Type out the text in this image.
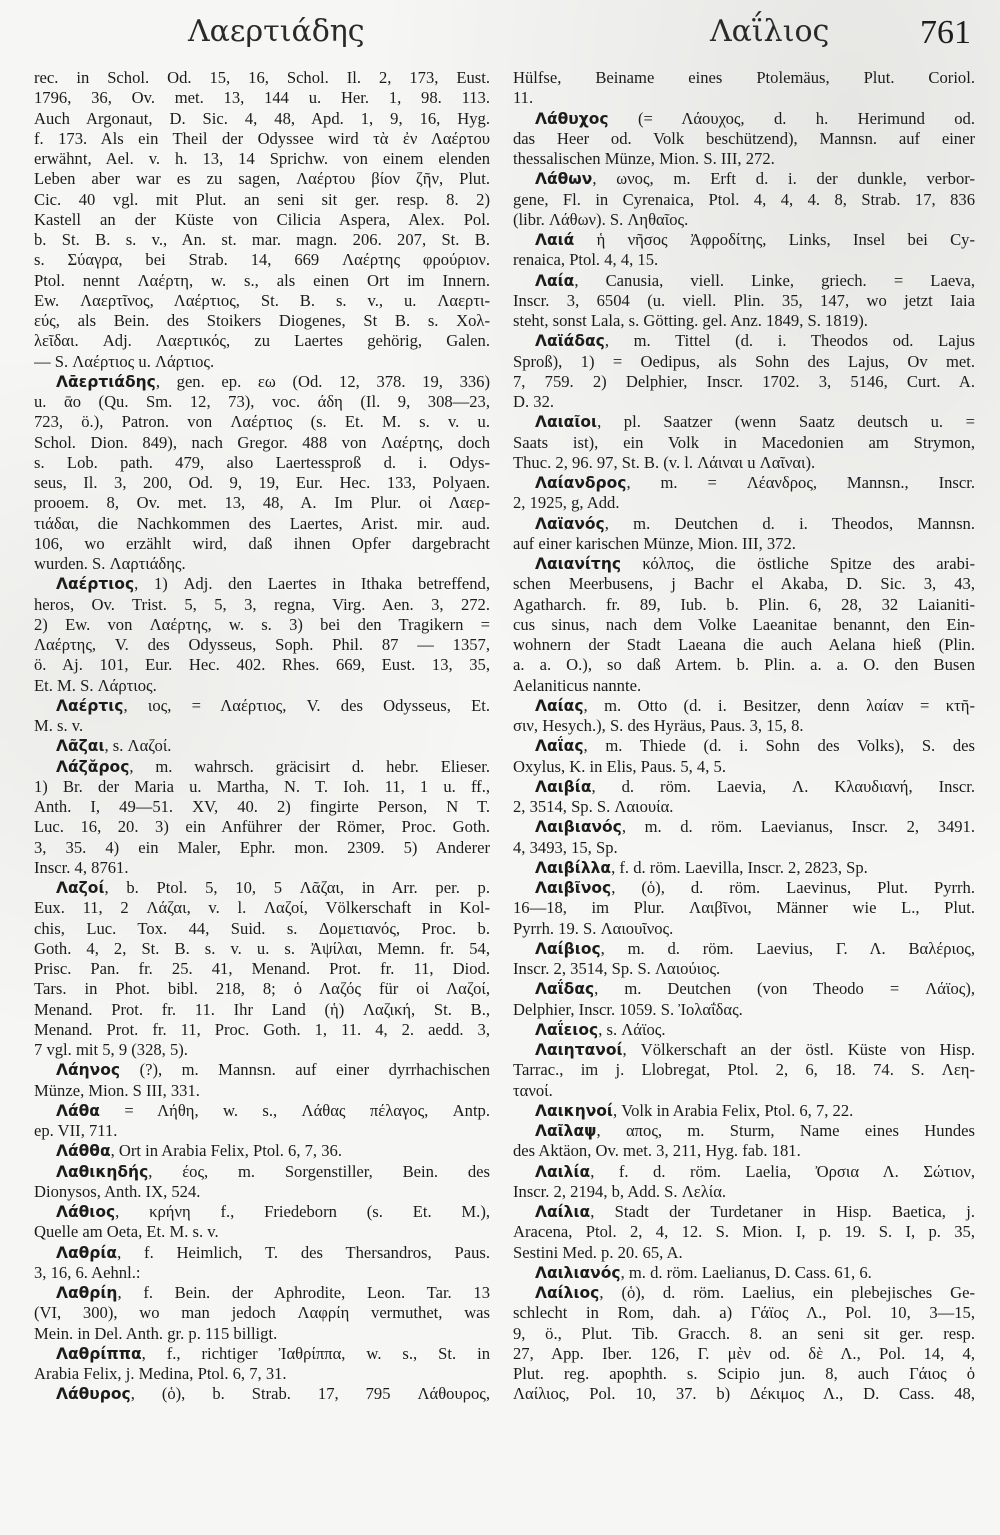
Λαερτιάδης	Λαΐλιος	761
rec. in Schol. Od. 15, 16, Schol. Il. 2, 173, Eust.
1796, 36, Ov. met. 13, 144 u. Her. 1, 98. 113.
Auch Argonaut, D. Sic. 4, 48, Apd. 1, 9, 16, Hyg.
f. 173. Als ein Theil der Odyssee wird τὰ ἐν Λαέρτου
erwähnt, Ael. v. h. 13, 14 Sprichw. von einem elenden
Leben aber war es zu sagen, Λαέρτου βίον ζῆν, Plut.
Cic. 40 vgl. mit Plut. an seni sit ger. resp. 8. 2)
Kastell an der Küste von Cilicia Aspera, Alex. Pol.
b. St. B. s. v., An. st. mar. magn. 206. 207, St. B.
s. Σύαγρα, bei Strab. 14, 669 Λαέρτης φρούριον.
Ptol. nennt Λαέρτη, w. s., als einen Ort im Innern.
Ew. Λαερτῖνος, Λαέρτιος, St. B. s. v., u. Λαερτι-
εύς, als Bein. des Stoikers Diogenes, St B. s. Χολ-
λεῖδαι. Adj. Λαερτικός, zu Laertes gehörig, Galen.
— S. Λαέρτιος u. Λάρτιος.
Λᾱερτιάδης, gen. ep. εω (Od. 12, 378. 19, 336)
u. ᾱο (Qu. Sm. 12, 73), voc. άδη (Il. 9, 308—23,
723, ö.), Patron. von Λαέρτιος (s. Et. M. s. v. u.
Schol. Dion. 849), nach Gregor. 488 von Λαέρτης, doch
s. Lob. path. 479, also Laertessproß d. i. Odys-
seus, Il. 3, 200, Od. 9, 19, Eur. Hec. 133, Polyaen.
prooem. 8, Ov. met. 13, 48, A. Im Plur. οἱ Λαερ-
τιάδαι, die Nachkommen des Laertes, Arist. mir. aud.
106, wo erzählt wird, daß ihnen Opfer dargebracht
wurden. S. Λαρτιάδης.
Λαέρτιος, 1) Adj. den Laertes in Ithaka betreffend,
heros, Ov. Trist. 5, 5, 3, regna, Virg. Aen. 3, 272.
2) Ew. von Λαέρτης, w. s. 3) bei den Tragikern =
Λαέρτης, V. des Odysseus, Soph. Phil. 87 — 1357,
ö. Aj. 101, Eur. Hec. 402. Rhes. 669, Eust. 13, 35,
Et. M. S. Λάρτιος.
Λαέρτις, ιος, = Λαέρτιος, V. des Odysseus, Et.
M. s. v.
Λᾶζαι, s. Λαζοί.
Λάζᾰρος, m. wahrsch. gräcisirt d. hebr. Elieser.
1) Br. der Maria u. Martha, N. T. Ioh. 11, 1 u. ff.,
Anth. I, 49—51. XV, 40. 2) fingirte Person, N T.
Luc. 16, 20. 3) ein Anführer der Römer, Proc. Goth.
3, 35. 4) ein Maler, Ephr. mon. 2309. 5) Anderer
Inscr. 4, 8761.
Λαζοί, b. Ptol. 5, 10, 5 Λᾶζαι, in Arr. per. p.
Eux. 11, 2 Λάζαι, v. l. Λαζοί, Völkerschaft in Kol-
chis, Luc. Tox. 44, Suid. s. Δομετιανός, Proc. b.
Goth. 4, 2, St. B. s. v. u. s. Ἀψίλαι, Memn. fr. 54,
Prisc. Pan. fr. 25. 41, Menand. Prot. fr. 11, Diod.
Tars. in Phot. bibl. 218, 8; ὁ Λαζός für οἱ Λαζοί,
Menand. Prot. fr. 11. Ihr Land (ἡ) Λαζική, St. B.,
Menand. Prot. fr. 11, Proc. Goth. 1, 11. 4, 2. aedd. 3,
7 vgl. mit 5, 9 (328, 5).
Λάηνος (?), m. Mannsn. auf einer dyrrhachischen
Münze, Mion. S III, 331.
Λάθα = Λήθη, w. s., Λάθας πέλαγος, Antp.
ep. VII, 711.
Λάθθα, Ort in Arabia Felix, Ptol. 6, 7, 36.
Λαθικηδής, έος, m. Sorgenstiller, Bein. des
Dionysos, Anth. IX, 524.
Λάθιος, κρήνη f., Friedeborn (s. Et. M.),
Quelle am Oeta, Et. M. s. v.
Λαθρία, f. Heimlich, T. des Thersandros, Paus.
3, 16, 6. Aehnl.:
Λαθρίη, f. Bein. der Aphrodite, Leon. Tar. 13
(VI, 300), wo man jedoch Λαφρίη vermuthet, was
Mein. in Del. Anth. gr. p. 115 billigt.
Λαθρίππα, f., richtiger Ἰαθρίππα, w. s., St. in
Arabia Felix, j. Medina, Ptol. 6, 7, 31.
Λάθυρος, (ὁ), b. Strab. 17, 795 Λάθουρος,
Hülfse, Beiname eines Ptolemäus, Plut. Coriol.
11.
Λάθυχος (= Λάουχος, d. h. Herimund od.
das Heer od. Volk beschützend), Mannsn. auf einer
thessalischen Münze, Mion. S. III, 272.
Λάθων, ωνος, m. Erft d. i. der dunkle, verbor-
gene, Fl. in Cyrenaica, Ptol. 4, 4, 4. 8, Strab. 17, 836
(libr. Λάθων). S. Ληθαῖος.
Λαιά ἡ νῆσος Ἀφροδίτης, Links, Insel bei Cy-
renaica, Ptol. 4, 4, 15.
Λαία, Canusia, viell. Linke, griech. = Laeva,
Inscr. 3, 6504 (u. viell. Plin. 35, 147, wo jetzt Iaia
steht, sonst Lala, s. Götting. gel. Anz. 1849, S. 1819).
Λαϊάδας, m. Tittel (d. i. Theodos od. Lajus
Sproß), 1) = Oedipus, als Sohn des Lajus, Ov met.
7, 759. 2) Delphier, Inscr. 1702. 3, 5146, Curt. A.
D. 32.
Λαιαῖοι, pl. Saatzer (wenn Saatz deutsch u. =
Saats ist), ein Volk in Macedonien am Strymon,
Thuc. 2, 96. 97, St. B. (v. l. Λάιναι u Λαῖναι).
Λαίανδρος, m. = Λέανδρος, Mannsn., Inscr.
2, 1925, g, Add.
Λαϊανός, m. Deutchen d. i. Theodos, Mannsn.
auf einer karischen Münze, Mion. III, 372.
Λαιανίτης κόλπος, die östliche Spitze des arabi-
schen Meerbusens, j Bachr el Akaba, D. Sic. 3, 43,
Agatharch. fr. 89, Iub. b. Plin. 6, 28, 32 Laianiti-
cus sinus, nach dem Volke Laeanitae benannt, den Ein-
wohnern der Stadt Laeana die auch Aelana hieß (Plin.
a. a. O.), so daß Artem. b. Plin. a. a. O. den Busen
Aelaniticus nannte.
Λαίας, m. Otto (d. i. Besitzer, denn λαίαν = κτῆ-
σιν, Hesych.), S. des Hyräus, Paus. 3, 15, 8.
Λαΐας, m. Thiede (d. i. Sohn des Volks), S. des
Oxylus, K. in Elis, Paus. 5, 4, 5.
Λαιβία, d. röm. Laevia, Λ. Κλαυδιανή, Inscr.
2, 3514, Sp. S. Λαιουία.
Λαιβιανός, m. d. röm. Laevianus, Inscr. 2, 3491.
4, 3493, 15, Sp.
Λαιβίλλα, f. d. röm. Laevilla, Inscr. 2, 2823, Sp.
Λαιβῖνος, (ὁ), d. röm. Laevinus, Plut. Pyrrh.
16—18, im Plur. Λαιβῖνοι, Männer wie L., Plut.
Pyrrh. 19. S. Λαιουῖνος.
Λαίβιος, m. d. röm. Laevius, Γ. Λ. Βαλέριος,
Inscr. 2, 3514, Sp. S. Λαιούιος.
Λαΐδας, m. Deutchen (von Theodo = Λάϊος),
Delphier, Inscr. 1059. S. Ἰολαΐδας.
Λαΐειος, s. Λάϊος.
Λαιητανοί, Völkerschaft an der östl. Küste von Hisp.
Tarrac., im j. Llobregat, Ptol. 2, 6, 18. 74. S. Λεη-
τανοί.
Λαικηνοί, Volk in Arabia Felix, Ptol. 6, 7, 22.
Λαῖλαψ, απος, m. Sturm, Name eines Hundes
des Aktäon, Ov. met. 3, 211, Hyg. fab. 181.
Λαιλία, f. d. röm. Laelia, Ὀρσια Λ. Σώτιον,
Inscr. 2, 2194, b, Add. S. Λελία.
Λαίλια, Stadt der Turdetaner in Hisp. Baetica, j.
Aracena, Ptol. 2, 4, 12. S. Mion. I, p. 19. S. I, p. 35,
Sestini Med. p. 20. 65, A.
Λαιλιανός, m. d. röm. Laelianus, D. Cass. 61, 6.
Λαίλιος, (ὁ), d. röm. Laelius, ein plebejisches Ge-
schlecht in Rom, dah. a) Γάϊος Λ., Pol. 10, 3—15,
9, ö., Plut. Tib. Gracch. 8. an seni sit ger. resp.
27, App. Iber. 126, Γ. μὲν od. δὲ Λ., Pol. 14, 4,
Plut. reg. apophth. s. Scipio jun. 8, auch Γάιος ὁ
Λαίλιος, Pol. 10, 37. b) Δέκιμος Λ., D. Cass. 48,
